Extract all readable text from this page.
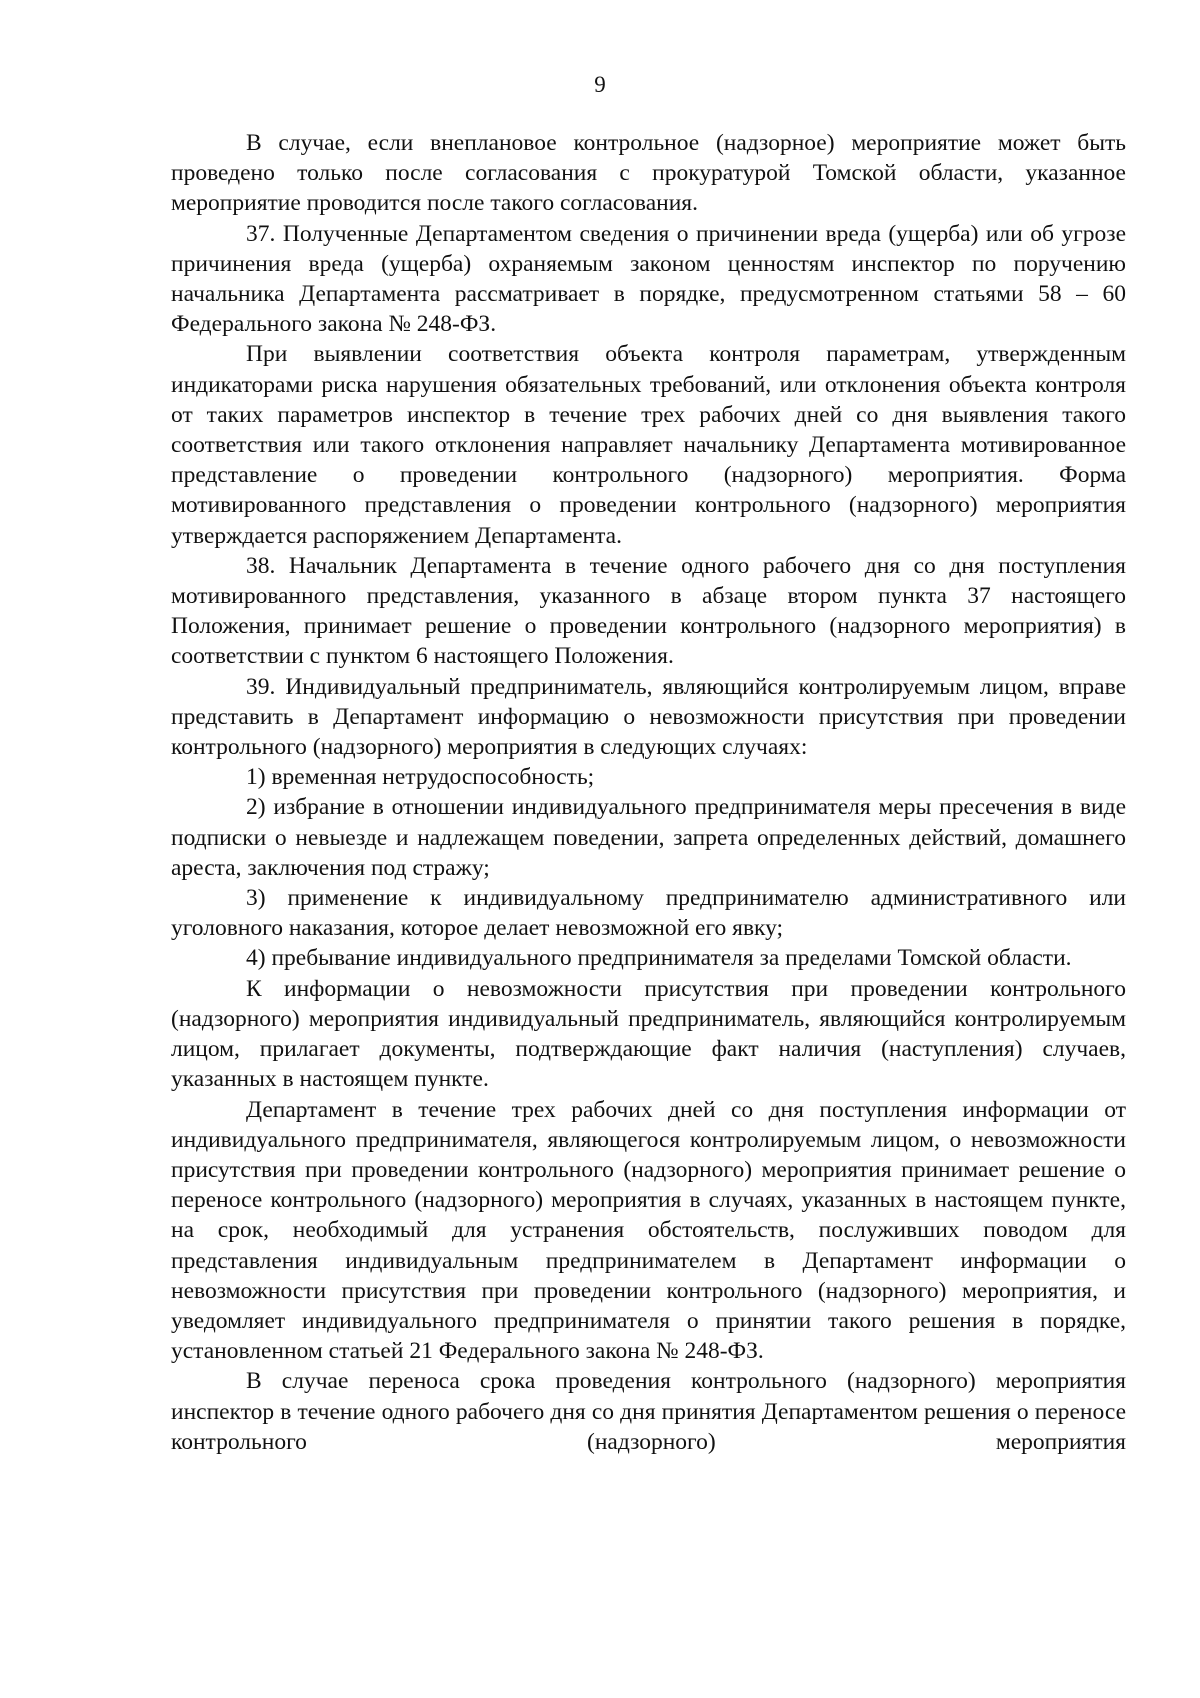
9

В случае, если внеплановое контрольное (надзорное) мероприятие может быть проведено только после согласования с прокуратурой Томской области, указанное мероприятие проводится после такого согласования.

37. Полученные Департаментом сведения о причинении вреда (ущерба) или об угрозе причинения вреда (ущерба) охраняемым законом ценностям инспектор по поручению начальника Департамента рассматривает в порядке, предусмотренном статьями 58 – 60 Федерального закона № 248-ФЗ.

При выявлении соответствия объекта контроля параметрам, утвержденным индикаторами риска нарушения обязательных требований, или отклонения объекта контроля от таких параметров инспектор в течение трех рабочих дней со дня выявления такого соответствия или такого отклонения направляет начальнику Департамента мотивированное представление о проведении контрольного (надзорного) мероприятия. Форма мотивированного представления о проведении контрольного (надзорного) мероприятия утверждается распоряжением Департамента.

38. Начальник Департамента в течение одного рабочего дня со дня поступления мотивированного представления, указанного в абзаце втором пункта 37 настоящего Положения, принимает решение о проведении контрольного (надзорного мероприятия) в соответствии с пунктом 6 настоящего Положения.

39. Индивидуальный предприниматель, являющийся контролируемым лицом, вправе представить в Департамент информацию о невозможности присутствия при проведении контрольного (надзорного) мероприятия в следующих случаях:

1) временная нетрудоспособность;

2) избрание в отношении индивидуального предпринимателя меры пресечения в виде подписки о невыезде и надлежащем поведении, запрета определенных действий, домашнего ареста, заключения под стражу;

3) применение к индивидуальному предпринимателю административного или уголовного наказания, которое делает невозможной его явку;

4) пребывание индивидуального предпринимателя за пределами Томской области.

К информации о невозможности присутствия при проведении контрольного (надзорного) мероприятия индивидуальный предприниматель, являющийся контролируемым лицом, прилагает документы, подтверждающие факт наличия (наступления) случаев, указанных в настоящем пункте.

Департамент в течение трех рабочих дней со дня поступления информации от индивидуального предпринимателя, являющегося контролируемым лицом, о невозможности присутствия при проведении контрольного (надзорного) мероприятия принимает решение о переносе контрольного (надзорного) мероприятия в случаях, указанных в настоящем пункте, на срок, необходимый для устранения обстоятельств, послуживших поводом для представления индивидуальным предпринимателем в Департамент информации о невозможности присутствия при проведении контрольного (надзорного) мероприятия, и уведомляет индивидуального предпринимателя о принятии такого решения в порядке, установленном статьей 21 Федерального закона № 248-ФЗ.

В случае переноса срока проведения контрольного (надзорного) мероприятия инспектор в течение одного рабочего дня со дня принятия Департаментом решения о переносе контрольного (надзорного) мероприятия
